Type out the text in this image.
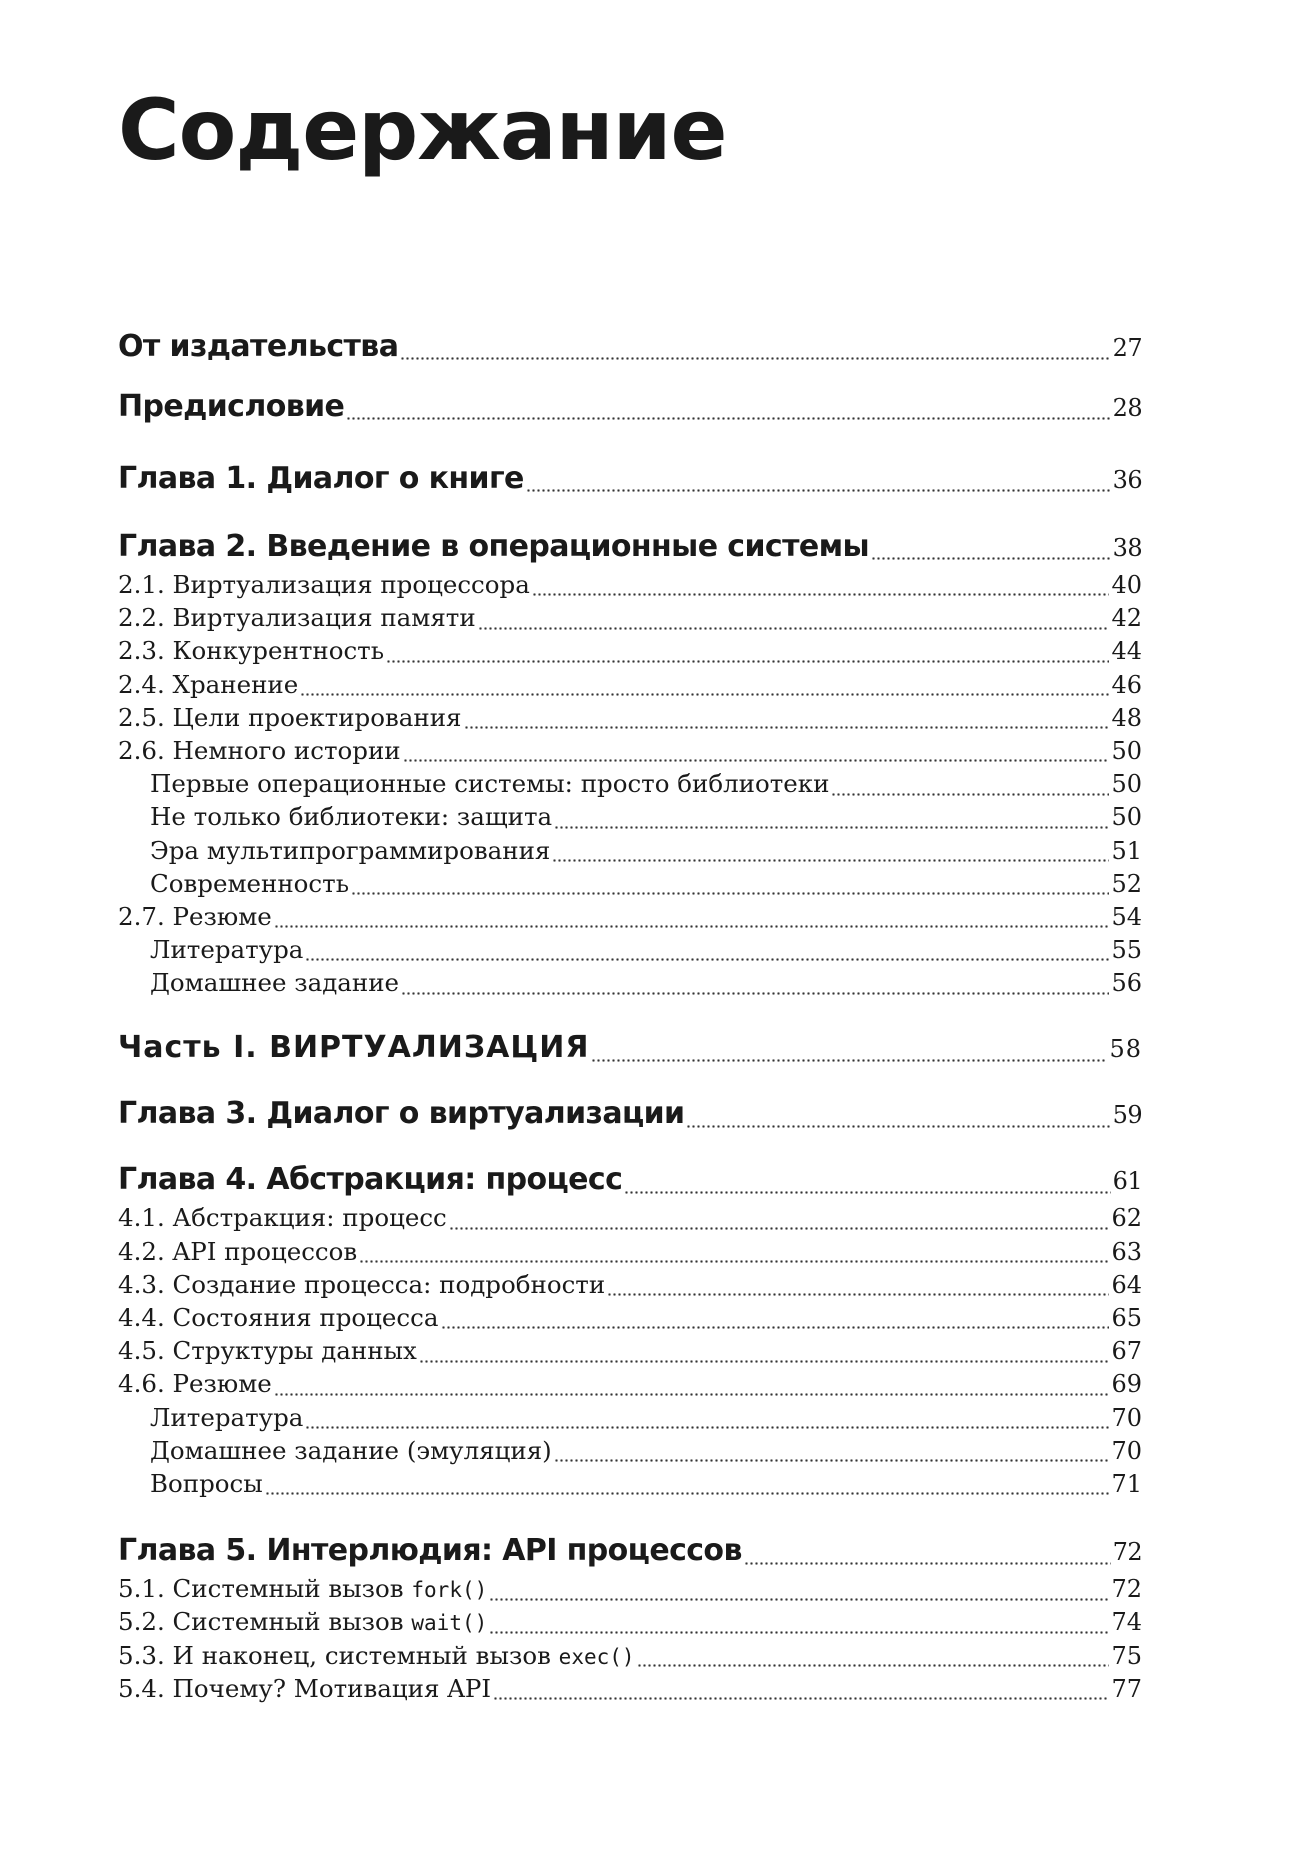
Содержание
От издательства	27
Предисловие	28
Глава 1. Диалог о книге	36
Глава 2. Введение в операционные системы	38
2.1. Виртуализация процессора	40
2.2. Виртуализация памяти	42
2.3. Конкурентность	44
2.4. Хранение	46
2.5. Цели проектирования	48
2.6. Немного истории	50
Первые операционные системы: просто библиотеки	50
Не только библиотеки: защита	50
Эра мультипрограммирования	51
Современность	52
2.7. Резюме	54
Литература	55
Домашнее задание	56
Часть I. ВИРТУАЛИЗАЦИЯ	58
Глава 3. Диалог о виртуализации	59
Глава 4. Абстракция: процесс	61
4.1. Абстракция: процесс	62
4.2. API процессов	63
4.3. Создание процесса: подробности	64
4.4. Состояния процесса	65
4.5. Структуры данных	67
4.6. Резюме	69
Литература	70
Домашнее задание (эмуляция)	70
Вопросы	71
Глава 5. Интерлюдия: API процессов	72
5.1. Системный вызов fork()	72
5.2. Системный вызов wait()	74
5.3. И наконец, системный вызов exec()	75
5.4. Почему? Мотивация API	77
